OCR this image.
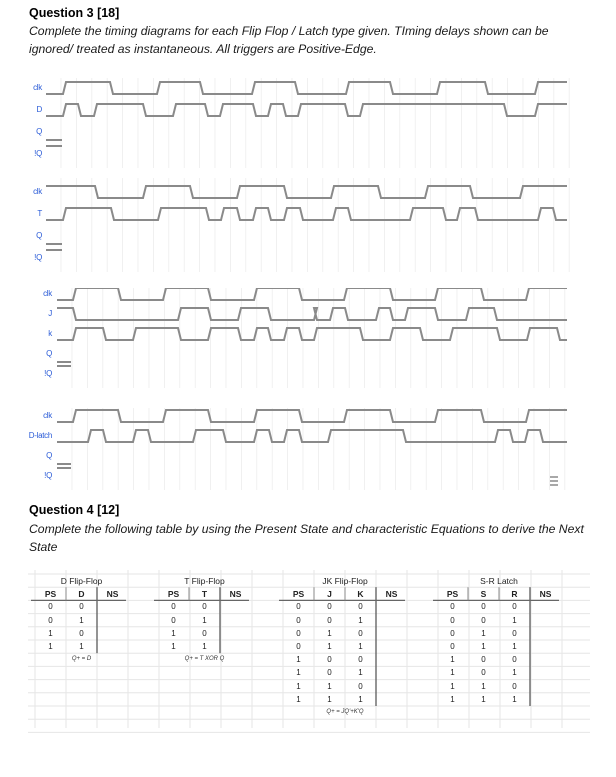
Question 3 [18]
Complete the timing diagrams for each Flip Flop / Latch type given. TIming delays shown can be ignored/ treated as instantaneous. All triggers are Positive-Edge.
clk
D
Q
!Q
clk
T
Q
!Q
clk
J
k
Q
!Q
clk
D-latch
Q
!Q
Question 4 [12]
Complete the following table by using the Present State and characteristic Equations to derive the Next State
D Flip-Flop
PS	D	NS
0	0
0	1
1	0
1	1
Q+ = D
T Flip-Flop
PS	T	NS
0	0
0	1
1	0
1	1
Q+ = T XOR Q
JK Flip-Flop
PS	J	K	NS
0	0	0
0	0	1
0	1	0
0	1	1
1	0	0
1	0	1
1	1	0
1	1	1
Q+ = JQ'+K'Q
S-R Latch
PS	S	R	NS
0	0	0
0	0	1
0	1	0
0	1	1
1	0	0
1	0	1
1	1	0
1	1	1
